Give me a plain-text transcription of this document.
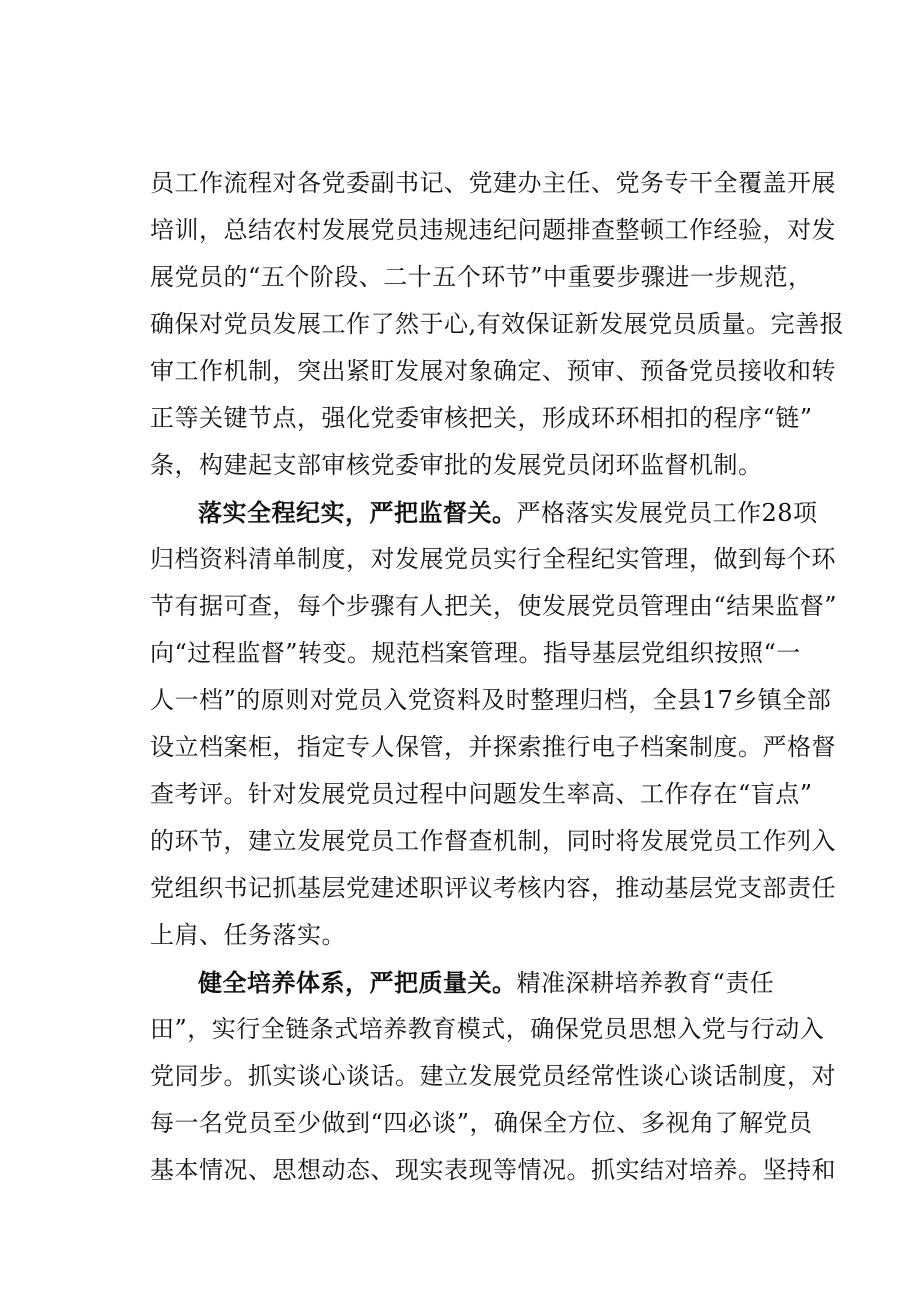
员工作流程对各党委副书记、党建办主任、党务专干全覆盖开展
培训，总结农村发展党员违规违纪问题排查整顿工作经验，对发
展党员的“五个阶段、二十五个环节”中重要步骤进一步规范，
确保对党员发展工作了然于心,有效保证新发展党员质量。完善报
审工作机制，突出紧盯发展对象确定、预审、预备党员接收和转
正等关键节点，强化党委审核把关，形成环环相扣的程序“链”
条，构建起支部审核党委审批的发展党员闭环监督机制。
落实全程纪实，严把监督关。严格落实发展党员工作28项
归档资料清单制度，对发展党员实行全程纪实管理，做到每个环
节有据可查，每个步骤有人把关，使发展党员管理由“结果监督”
向“过程监督”转变。规范档案管理。指导基层党组织按照“一
人一档”的原则对党员入党资料及时整理归档，全县17乡镇全部
设立档案柜，指定专人保管，并探索推行电子档案制度。严格督
查考评。针对发展党员过程中问题发生率高、工作存在“盲点”
的环节，建立发展党员工作督查机制，同时将发展党员工作列入
党组织书记抓基层党建述职评议考核内容，推动基层党支部责任
上肩、任务落实。
健全培养体系，严把质量关。精准深耕培养教育“责任
田”，实行全链条式培养教育模式，确保党员思想入党与行动入
党同步。抓实谈心谈话。建立发展党员经常性谈心谈话制度，对
每一名党员至少做到“四必谈”，确保全方位、多视角了解党员
基本情况、思想动态、现实表现等情况。抓实结对培养。坚持和
